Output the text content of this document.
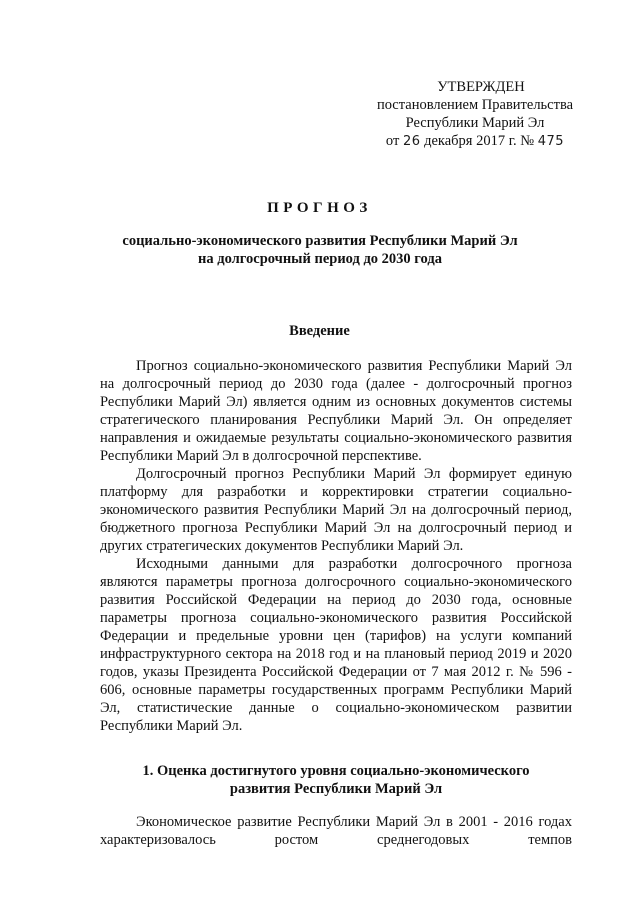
УТВЕРЖДЕН
постановлением Правительства
Республики Марий Эл
от 26 декабря 2017 г. № 475
ПРОГНОЗ
социально-экономического развития Республики Марий Эл
на долгосрочный период до 2030 года
Введение

Прогноз социально-экономического развития Республики Марий Эл на долгосрочный период до 2030 года (далее - долгосрочный прогноз Республики Марий Эл) является одним из основных документов системы стратегического планирования Республики Марий Эл. Он определяет направления и ожидаемые результаты социально-экономического развития Республики Марий Эл в долгосрочной перспективе.

Долгосрочный прогноз Республики Марий Эл формирует единую платформу для разработки и корректировки стратегии социально-экономического развития Республики Марий Эл на долгосрочный период, бюджетного прогноза Республики Марий Эл на долгосрочный период и других стратегических документов Республики Марий Эл.

Исходными данными для разработки долгосрочного прогноза являются параметры прогноза долгосрочного социально-экономического развития Российской Федерации на период до 2030 года, основные параметры прогноза социально-экономического развития Российской Федерации и предельные уровни цен (тарифов) на услуги компаний инфраструктурного сектора на 2018 год и на плановый период 2019 и 2020 годов, указы Президента Российской Федерации от 7 мая 2012 г. № 596 - 606, основные параметры государственных программ Республики Марий Эл, статистические данные о социально-экономическом развитии Республики Марий Эл.

1. Оценка достигнутого уровня социально-экономического
развития Республики Марий Эл

Экономическое развитие Республики Марий Эл в 2001 - 2016 годах характеризовалось ростом среднегодовых темпов
